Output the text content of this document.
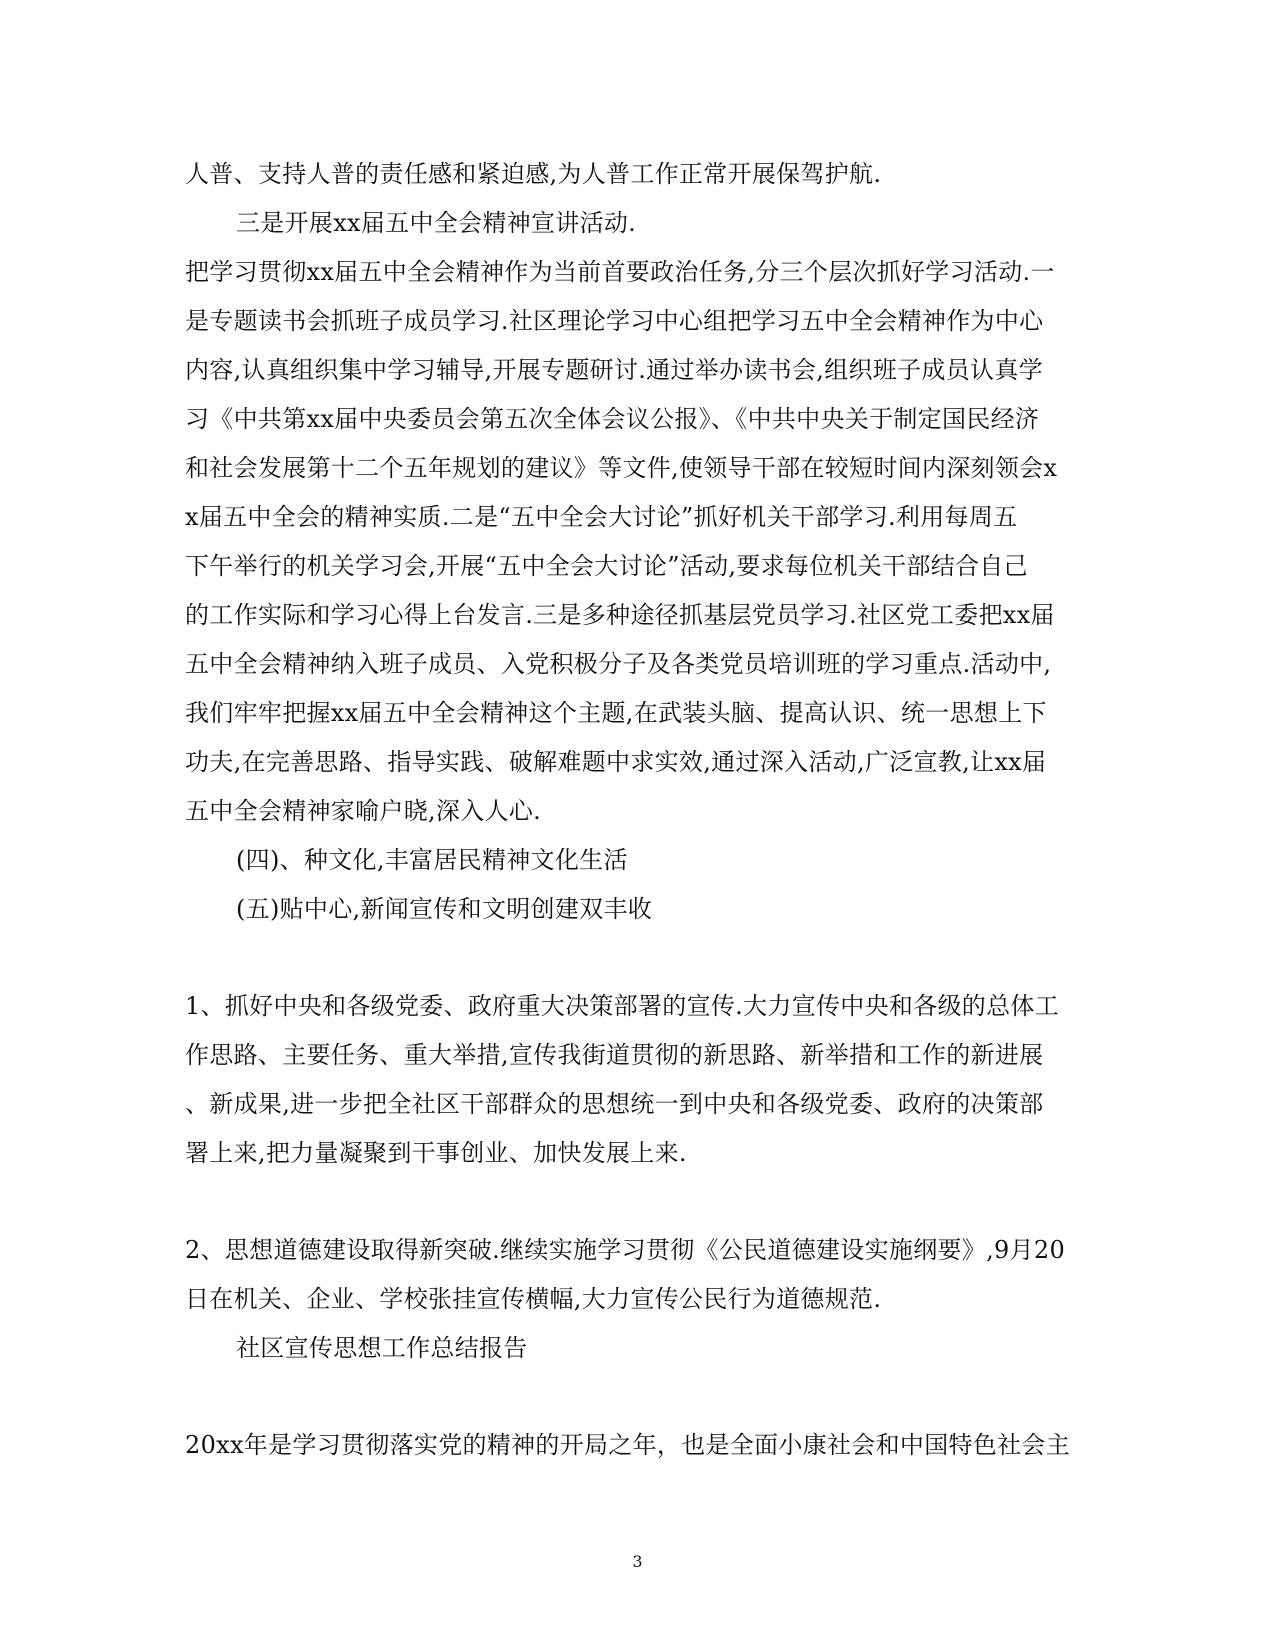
人普、支持人普的责任感和紧迫感,为人普工作正常开展保驾护航.
三是开展xx届五中全会精神宣讲活动.
把学习贯彻xx届五中全会精神作为当前首要政治任务,分三个层次抓好学习活动.一
是专题读书会抓班子成员学习.社区理论学习中心组把学习五中全会精神作为中心
内容,认真组织集中学习辅导,开展专题研讨.通过举办读书会,组织班子成员认真学
习《中共第xx届中央委员会第五次全体会议公报》、《中共中央关于制定国民经济
和社会发展第十二个五年规划的建议》等文件,使领导干部在较短时间内深刻领会x
x届五中全会的精神实质.二是“五中全会大讨论”抓好机关干部学习.利用每周五
下午举行的机关学习会,开展“五中全会大讨论”活动,要求每位机关干部结合自己
的工作实际和学习心得上台发言.三是多种途径抓基层党员学习.社区党工委把xx届
五中全会精神纳入班子成员、入党积极分子及各类党员培训班的学习重点.活动中,
我们牢牢把握xx届五中全会精神这个主题,在武装头脑、提高认识、统一思想上下
功夫,在完善思路、指导实践、破解难题中求实效,通过深入活动,广泛宣教,让xx届
五中全会精神家喻户晓,深入人心.
(四)、种文化,丰富居民精神文化生活
(五)贴中心,新闻宣传和文明创建双丰收
1、抓好中央和各级党委、政府重大决策部署的宣传.大力宣传中央和各级的总体工
作思路、主要任务、重大举措,宣传我街道贯彻的新思路、新举措和工作的新进展
、新成果,进一步把全社区干部群众的思想统一到中央和各级党委、政府的决策部
署上来,把力量凝聚到干事创业、加快发展上来.
2、思想道德建设取得新突破.继续实施学习贯彻《公民道德建设实施纲要》,9月20
日在机关、企业、学校张挂宣传横幅,大力宣传公民行为道德规范.
社区宣传思想工作总结报告
20xx年是学习贯彻落实党的精神的开局之年，也是全面小康社会和中国特色社会主
3
